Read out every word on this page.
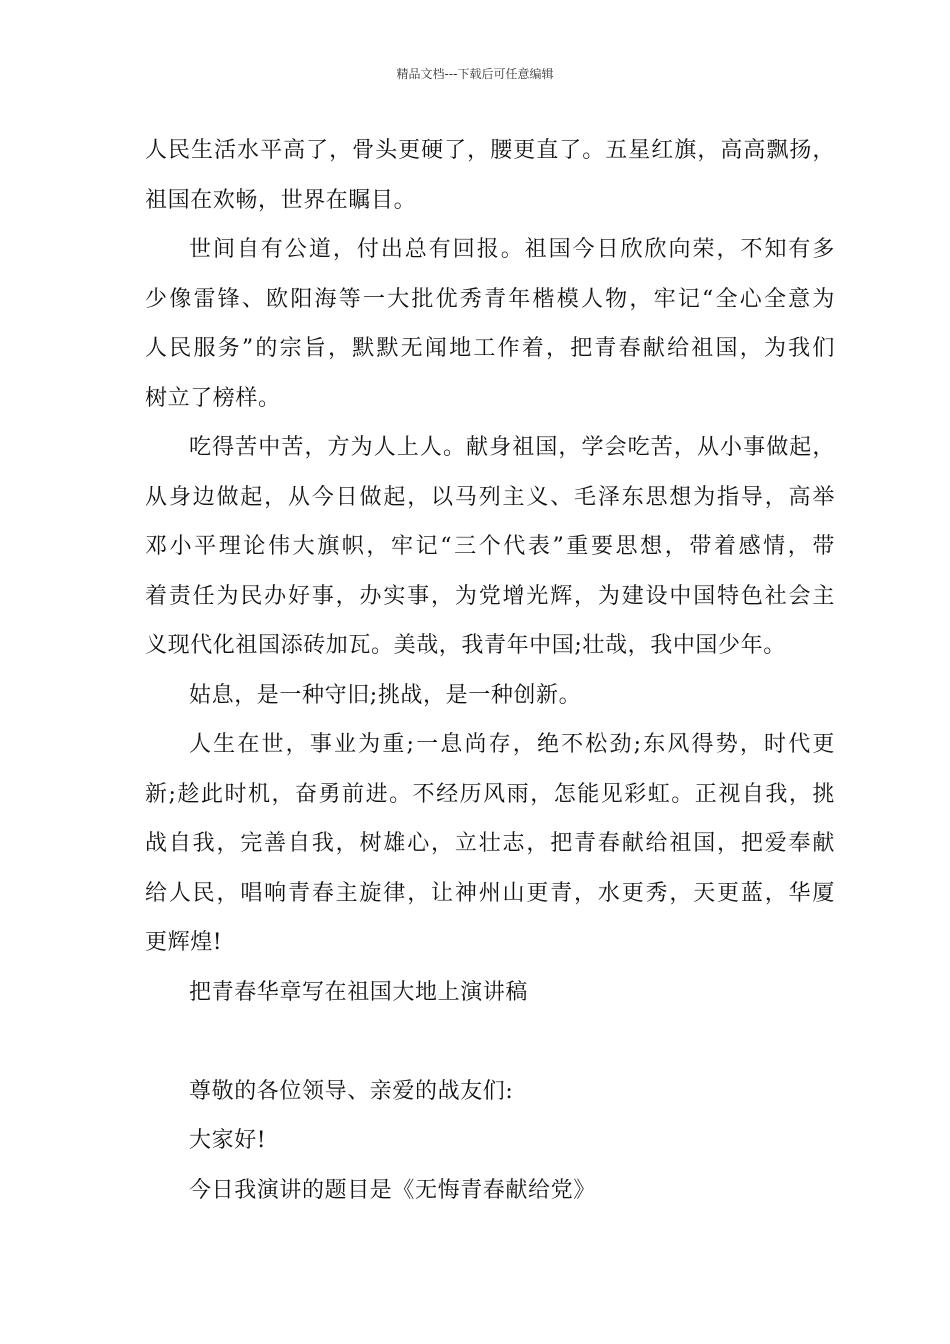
精品文档---下载后可任意编辑

人民生活水平高了，骨头更硬了，腰更直了。五星红旗，高高飘扬，
祖国在欢畅，世界在瞩目。

世间自有公道，付出总有回报。祖国今日欣欣向荣，不知有多
少像雷锋、欧阳海等一大批优秀青年楷模人物，牢记“全心全意为
人民服务”的宗旨，默默无闻地工作着，把青春献给祖国，为我们
树立了榜样。

吃得苦中苦，方为人上人。献身祖国，学会吃苦，从小事做起，
从身边做起，从今日做起，以马列主义、毛泽东思想为指导，高举
邓小平理论伟大旗帜，牢记“三个代表”重要思想，带着感情，带
着责任为民办好事，办实事，为党增光辉，为建设中国特色社会主
义现代化祖国添砖加瓦。美哉，我青年中国;壮哉，我中国少年。

姑息，是一种守旧;挑战，是一种创新。

人生在世，事业为重;一息尚存，绝不松劲;东风得势，时代更
新;趁此时机，奋勇前进。不经历风雨，怎能见彩虹。正视自我，挑
战自我，完善自我，树雄心，立壮志，把青春献给祖国，把爱奉献
给人民，唱响青春主旋律，让神州山更青，水更秀，天更蓝，华厦
更辉煌!

把青春华章写在祖国大地上演讲稿

尊敬的各位领导、亲爱的战友们:

大家好!

今日我演讲的题目是《无悔青春献给党》
